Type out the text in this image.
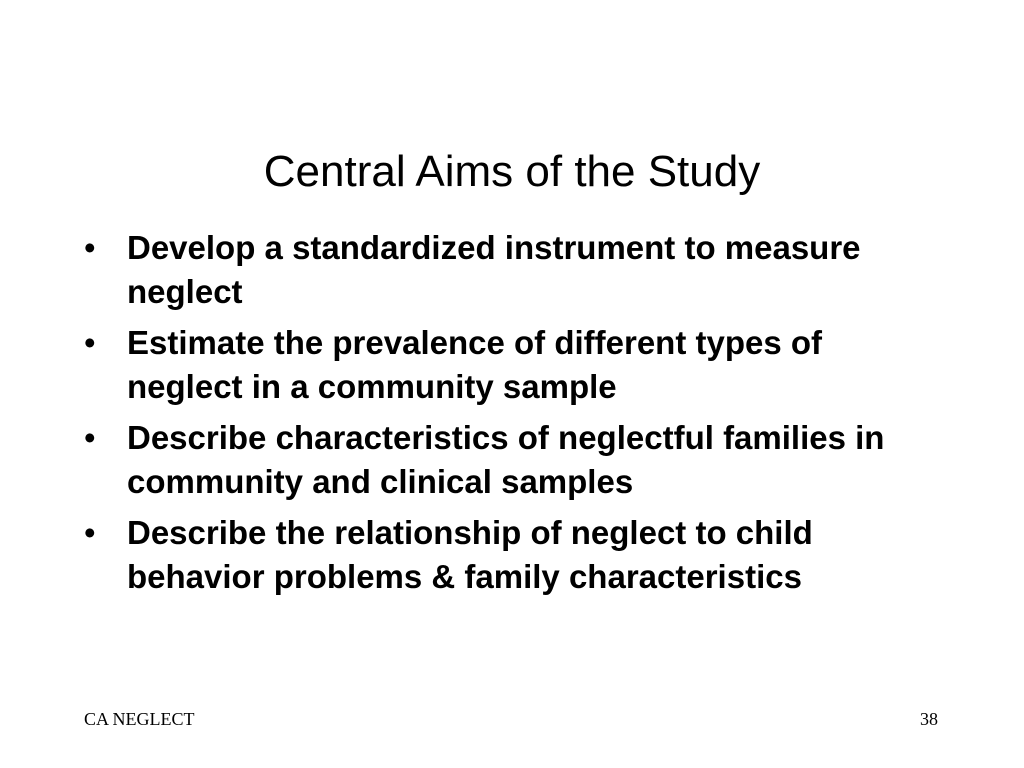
Central Aims of the Study
• Develop a standardized instrument to measure neglect
• Estimate the prevalence of different types of neglect in a community sample
• Describe characteristics of neglectful families in community and clinical samples
• Describe the relationship of neglect to child behavior problems & family characteristics
CA NEGLECT	38
